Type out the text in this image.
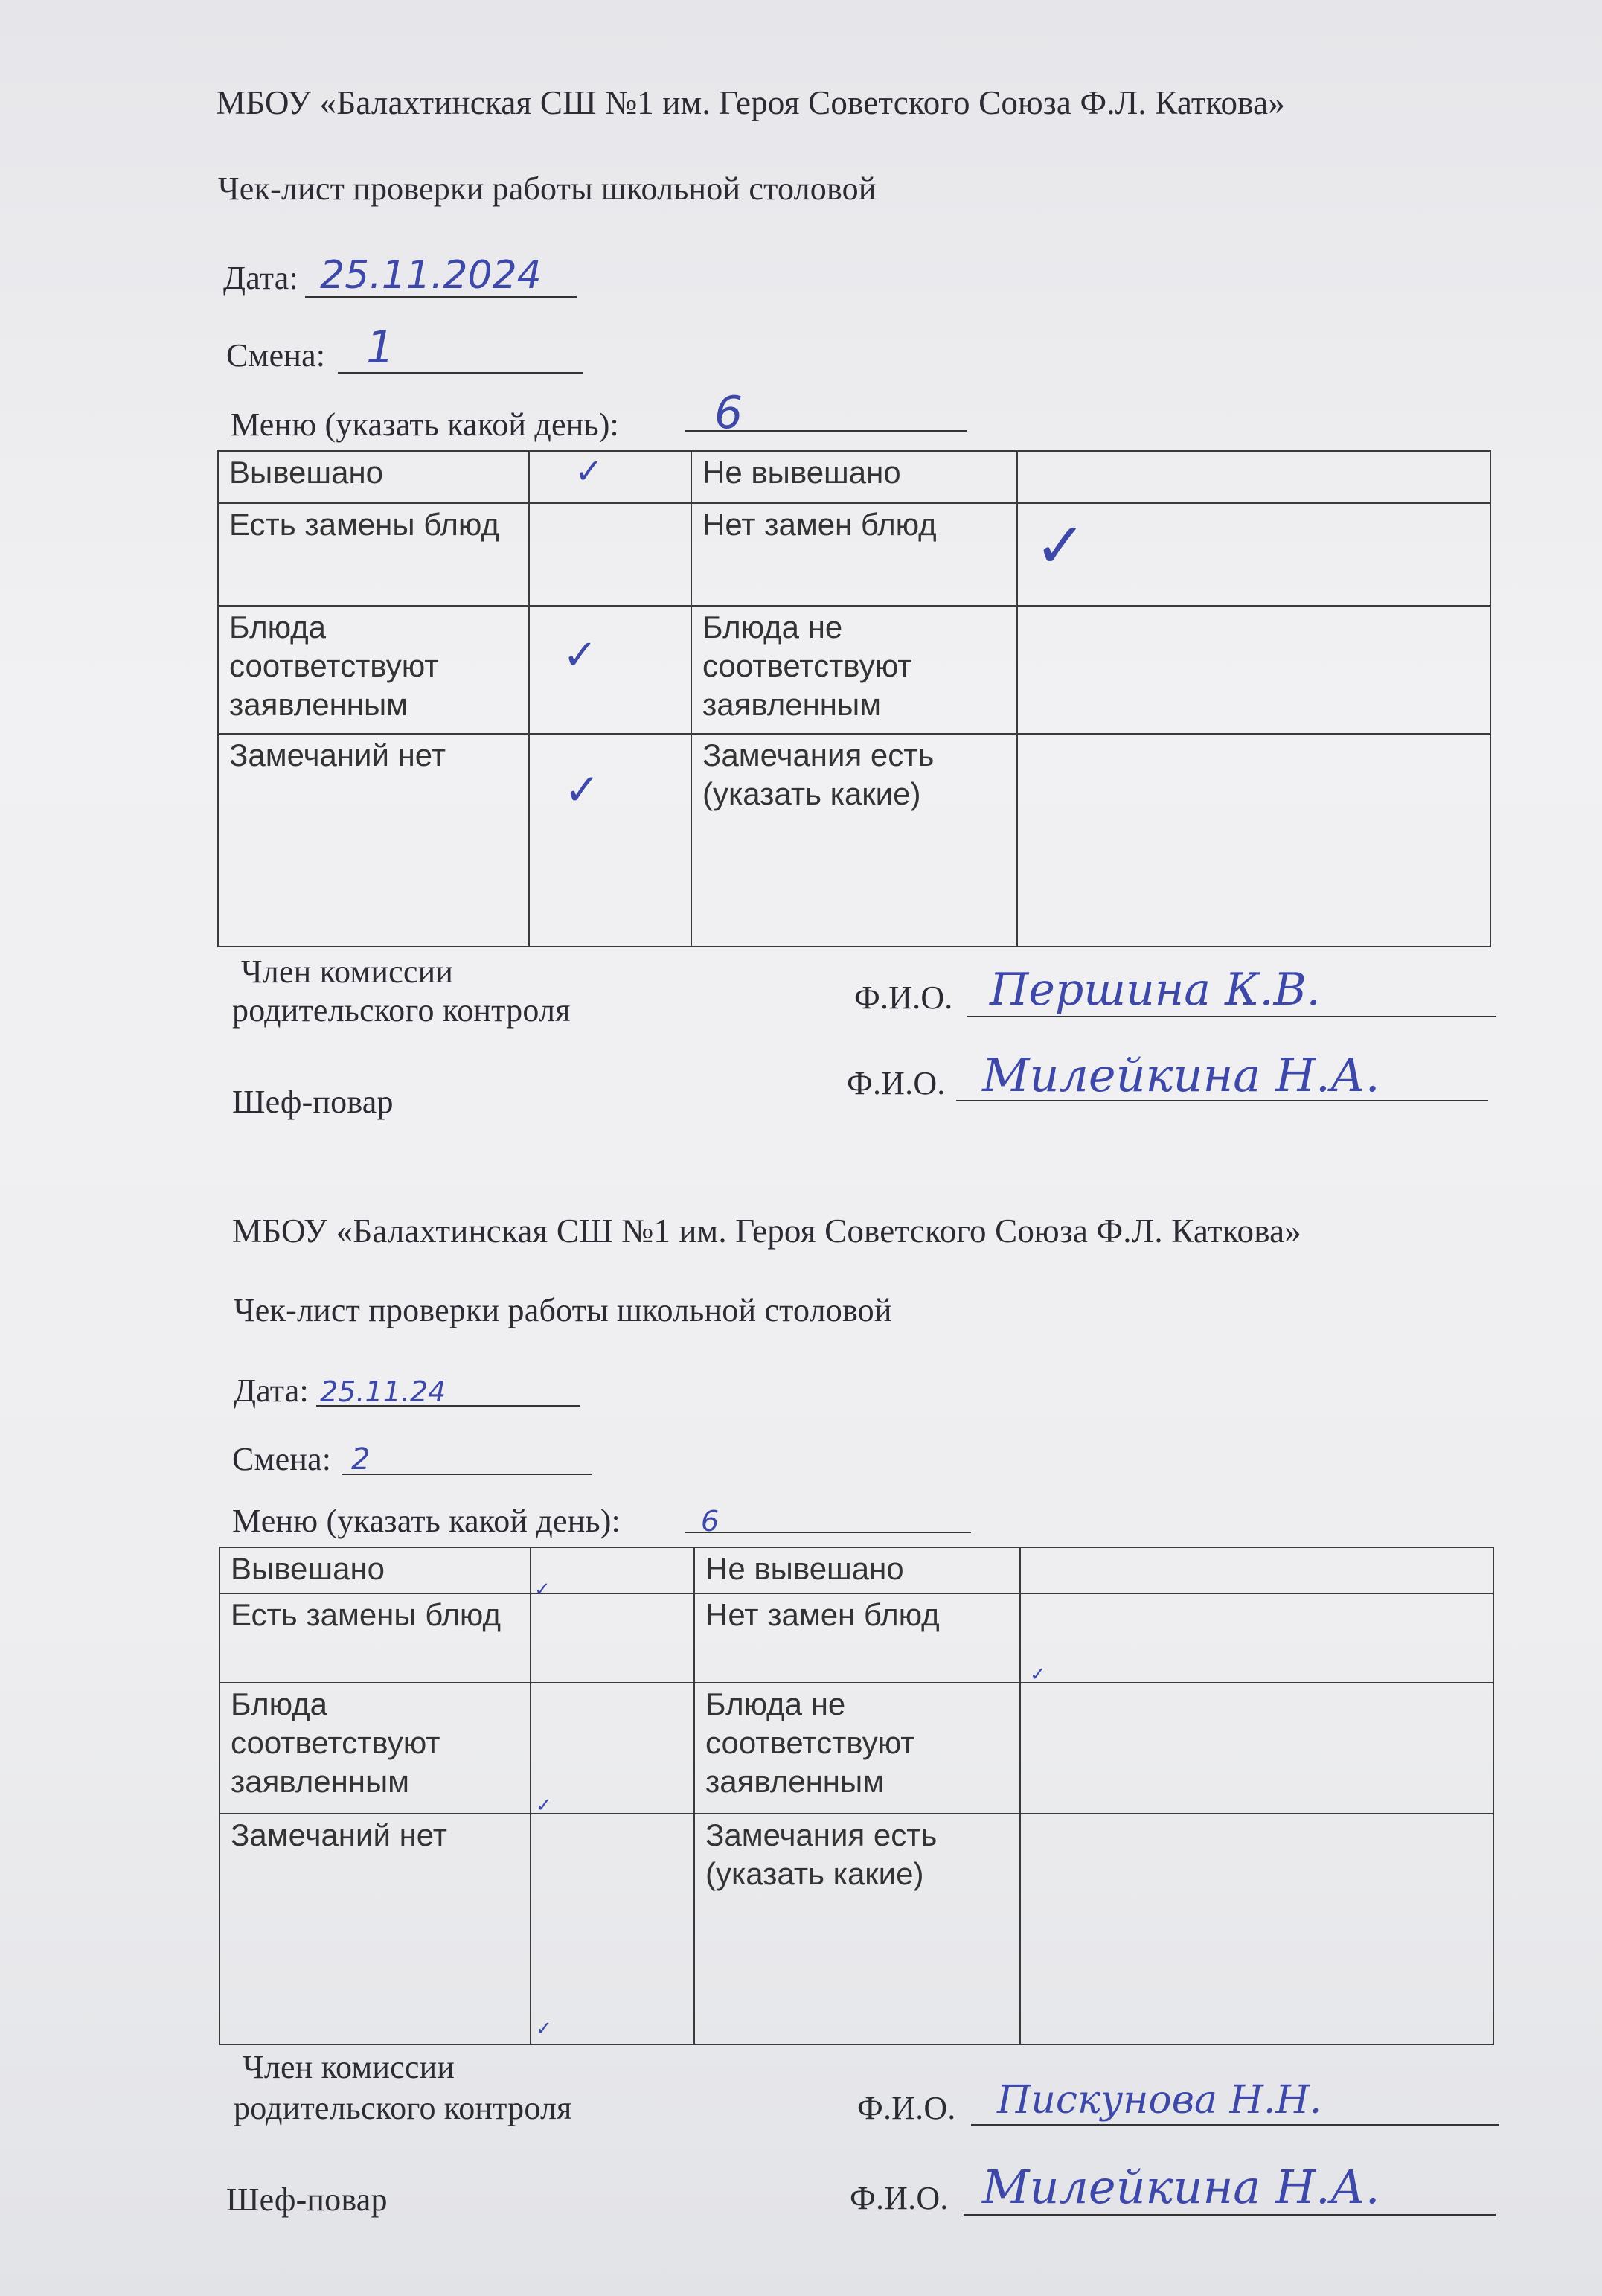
МБОУ «Балахтинская СШ №1 им. Героя Советского Союза Ф.Л. Каткова»
Чек-лист проверки работы школьной столовой
Дата: 25.11.2024
Смена: 1
Меню (указать какой день): 6
Вывешано	✓	Не вывешано	
Есть замены блюд		Нет замен блюд	✓

Блюда соответствуют заявленным	✓	Блюда не соответствуют заявленным	
Замечаний нет	✓	Замечания есть (указать какие)	
Член комиссии
родительского контроля	Ф.И.О. Першина К.В.
Шеф-повар
Ф.И.О. Милейкина Н.А.
МБОУ «Балахтинская СШ №1 им. Героя Советского Союза Ф.Л. Каткова»
Чек-лист проверки работы школьной столовой
Дата: 25.11.24
Смена: 2
Меню (указать какой день):	6
Вывешано	✓	Не вывешано	
Есть замены блюд		Нет замен блюд	✓

Блюда соответствуют заявленным	✓	Блюда не соответствуют заявленным	
Замечаний нет	✓	Замечания есть (указать какие)	
Член комиссии
родительского контроля	Ф.И.О. Пискунова Н.Н.
Шеф-повар	Ф.И.О. Милейкина Н.А.
